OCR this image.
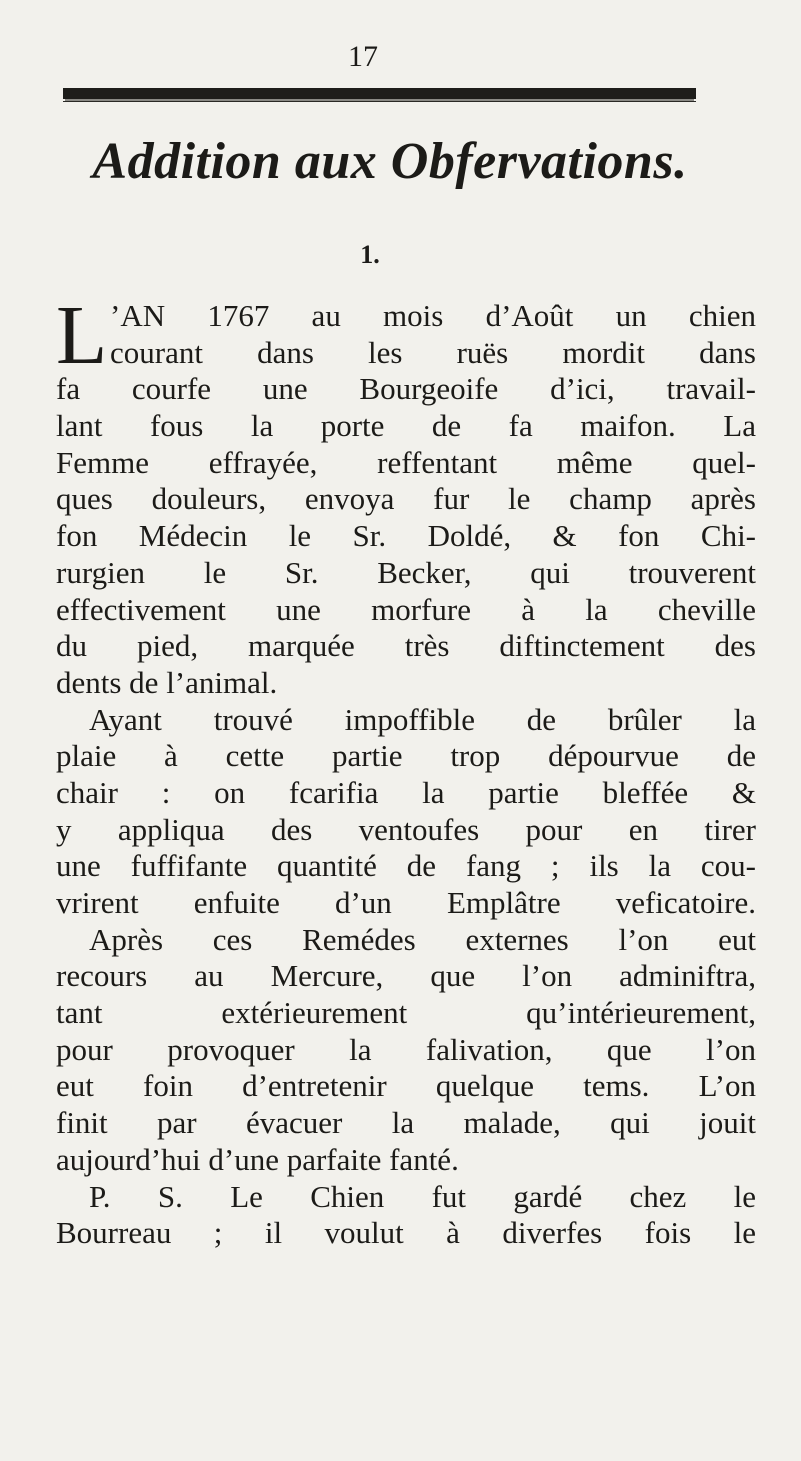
17
Addition aux Obfervations.
1.
L ’AN 1767 au mois d’Août un chien
courant dans les ruës mordit dans
fa courfe une Bourgeoife d’ici, travail-
lant fous la porte de fa maifon. La
Femme effrayée, reffentant même quel-
ques douleurs, envoya fur le champ après
fon Médecin le Sr. Doldé, & fon Chi-
rurgien le Sr. Becker, qui trouverent
effectivement une morfure à la cheville
du pied, marquée très diftinctement des
dents de l’animal.
Ayant trouvé impoffible de brûler la
plaie à cette partie trop dépourvue de
chair : on fcarifia la partie bleffée &
y appliqua des ventoufes pour en tirer
une fuffifante quantité de fang ; ils la cou-
vrirent enfuite d’un Emplâtre veficatoire.
Après ces Remédes externes l’on eut
recours au Mercure, que l’on adminiftra,
tant extérieurement qu’intérieurement,
pour provoquer la falivation, que l’on
eut foin d’entretenir quelque tems. L’on
finit par évacuer la malade, qui jouit
aujourd’hui d’une parfaite fanté.
P. S. Le Chien fut gardé chez le
Bourreau ; il voulut à diverfes fois le
